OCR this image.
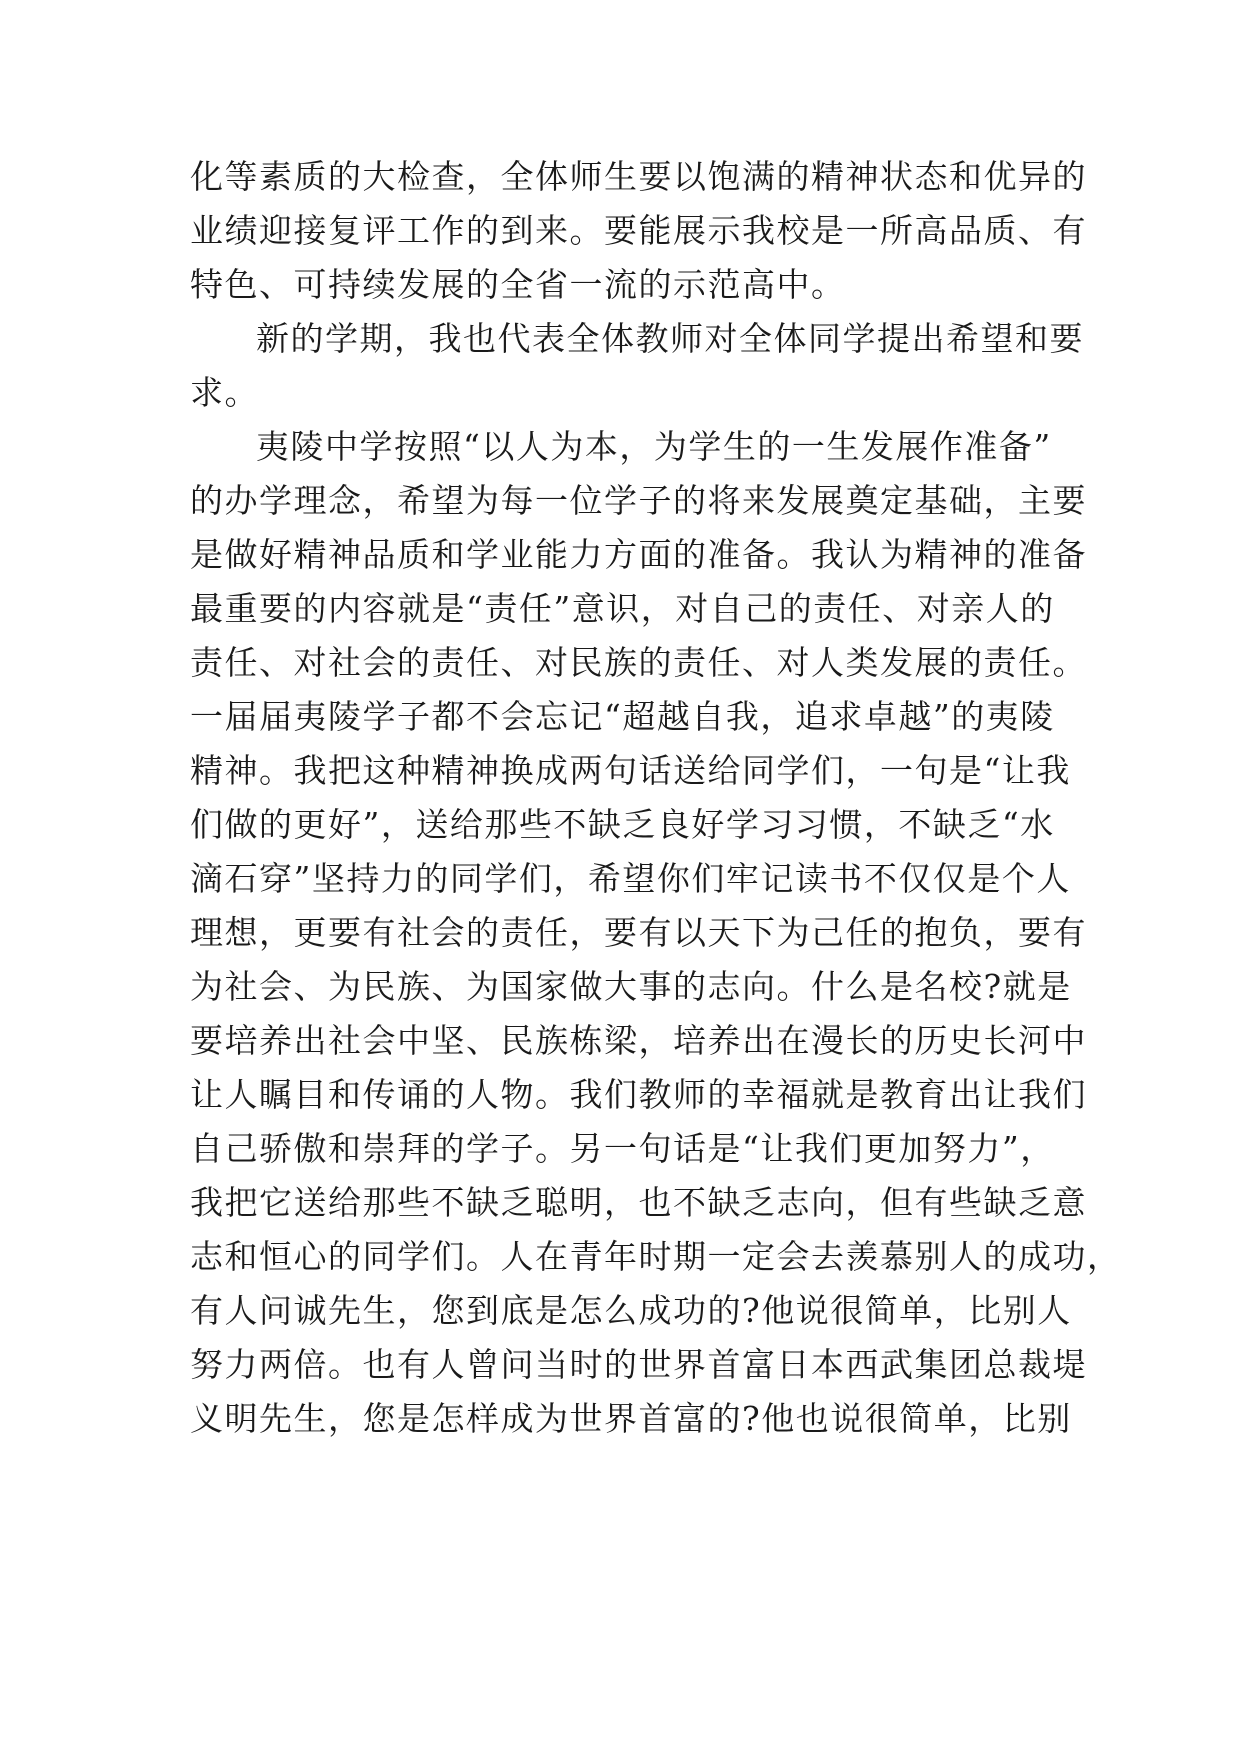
化等素质的大检查，全体师生要以饱满的精神状态和优异的
业绩迎接复评工作的到来。要能展示我校是一所高品质、有
特色、可持续发展的全省一流的示范高中。
新的学期，我也代表全体教师对全体同学提出希望和要
求。
夷陵中学按照“以人为本，为学生的一生发展作准备”
的办学理念，希望为每一位学子的将来发展奠定基础，主要
是做好精神品质和学业能力方面的准备。我认为精神的准备
最重要的内容就是“责任”意识，对自己的责任、对亲人的
责任、对社会的责任、对民族的责任、对人类发展的责任。
一届届夷陵学子都不会忘记“超越自我，追求卓越”的夷陵
精神。我把这种精神换成两句话送给同学们，一句是“让我
们做的更好”，送给那些不缺乏良好学习习惯，不缺乏“水
滴石穿”坚持力的同学们，希望你们牢记读书不仅仅是个人
理想，更要有社会的责任，要有以天下为己任的抱负，要有
为社会、为民族、为国家做大事的志向。什么是名校?就是
要培养出社会中坚、民族栋梁，培养出在漫长的历史长河中
让人瞩目和传诵的人物。我们教师的幸福就是教育出让我们
自己骄傲和崇拜的学子。另一句话是“让我们更加努力”，
我把它送给那些不缺乏聪明，也不缺乏志向，但有些缺乏意
志和恒心的同学们。人在青年时期一定会去羡慕别人的成功，
有人问诚先生，您到底是怎么成功的?他说很简单，比别人
努力两倍。也有人曾问当时的世界首富日本西武集团总裁堤
义明先生，您是怎样成为世界首富的?他也说很简单，比别
